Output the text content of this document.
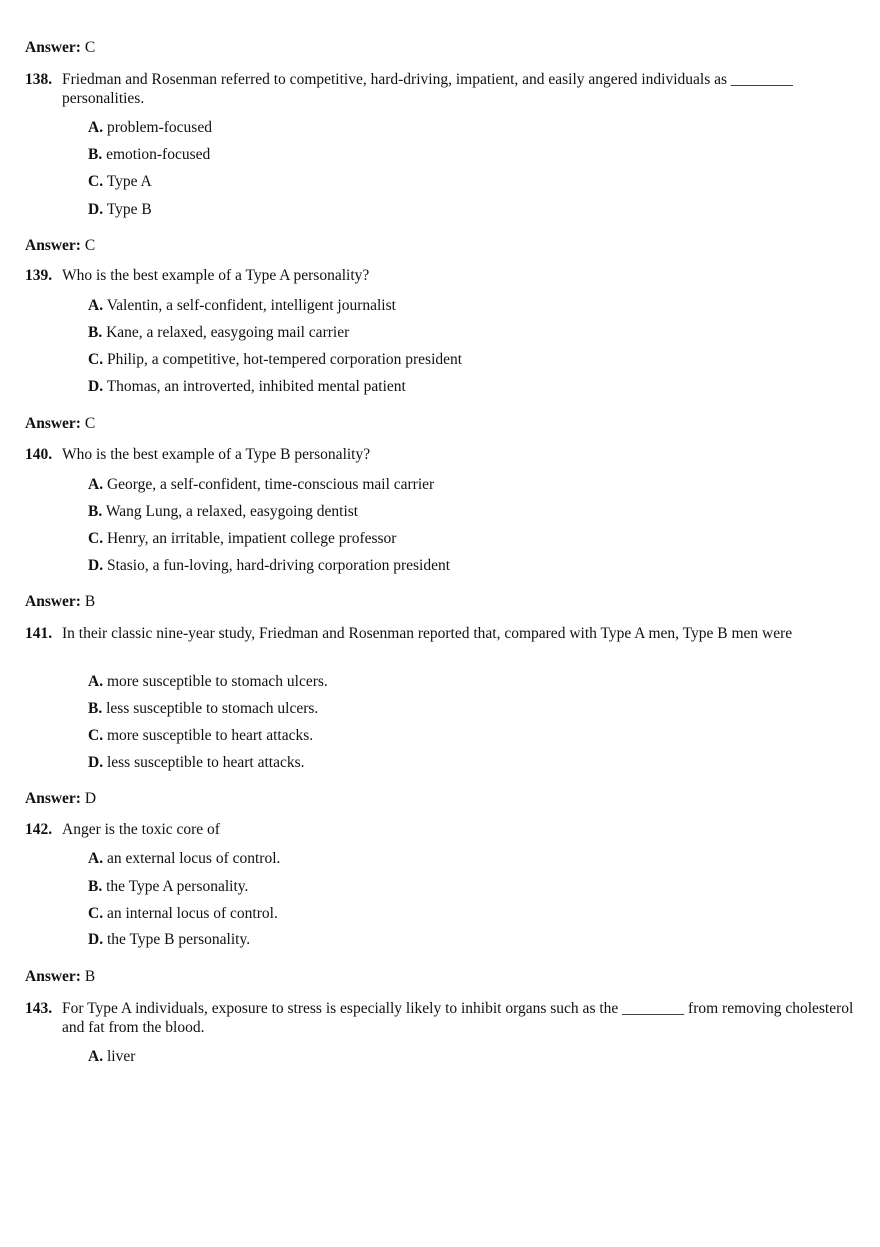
Answer: C
138. Friedman and Rosenman referred to competitive, hard-driving, impatient, and easily angered individuals as ________ personalities.
A. problem-focused
B. emotion-focused
C. Type A
D. Type B
Answer: C
139. Who is the best example of a Type A personality?
A. Valentin, a self-confident, intelligent journalist
B. Kane, a relaxed, easygoing mail carrier
C. Philip, a competitive, hot-tempered corporation president
D. Thomas, an introverted, inhibited mental patient
Answer: C
140. Who is the best example of a Type B personality?
A. George, a self-confident, time-conscious mail carrier
B. Wang Lung, a relaxed, easygoing dentist
C. Henry, an irritable, impatient college professor
D. Stasio, a fun-loving, hard-driving corporation president
Answer: B
141. In their classic nine-year study, Friedman and Rosenman reported that, compared with Type A men, Type B men were
A. more susceptible to stomach ulcers.
B. less susceptible to stomach ulcers.
C. more susceptible to heart attacks.
D. less susceptible to heart attacks.
Answer: D
142. Anger is the toxic core of
A. an external locus of control.
B. the Type A personality.
C. an internal locus of control.
D. the Type B personality.
Answer: B
143. For Type A individuals, exposure to stress is especially likely to inhibit organs such as the ________ from removing cholesterol and fat from the blood.
A. liver
